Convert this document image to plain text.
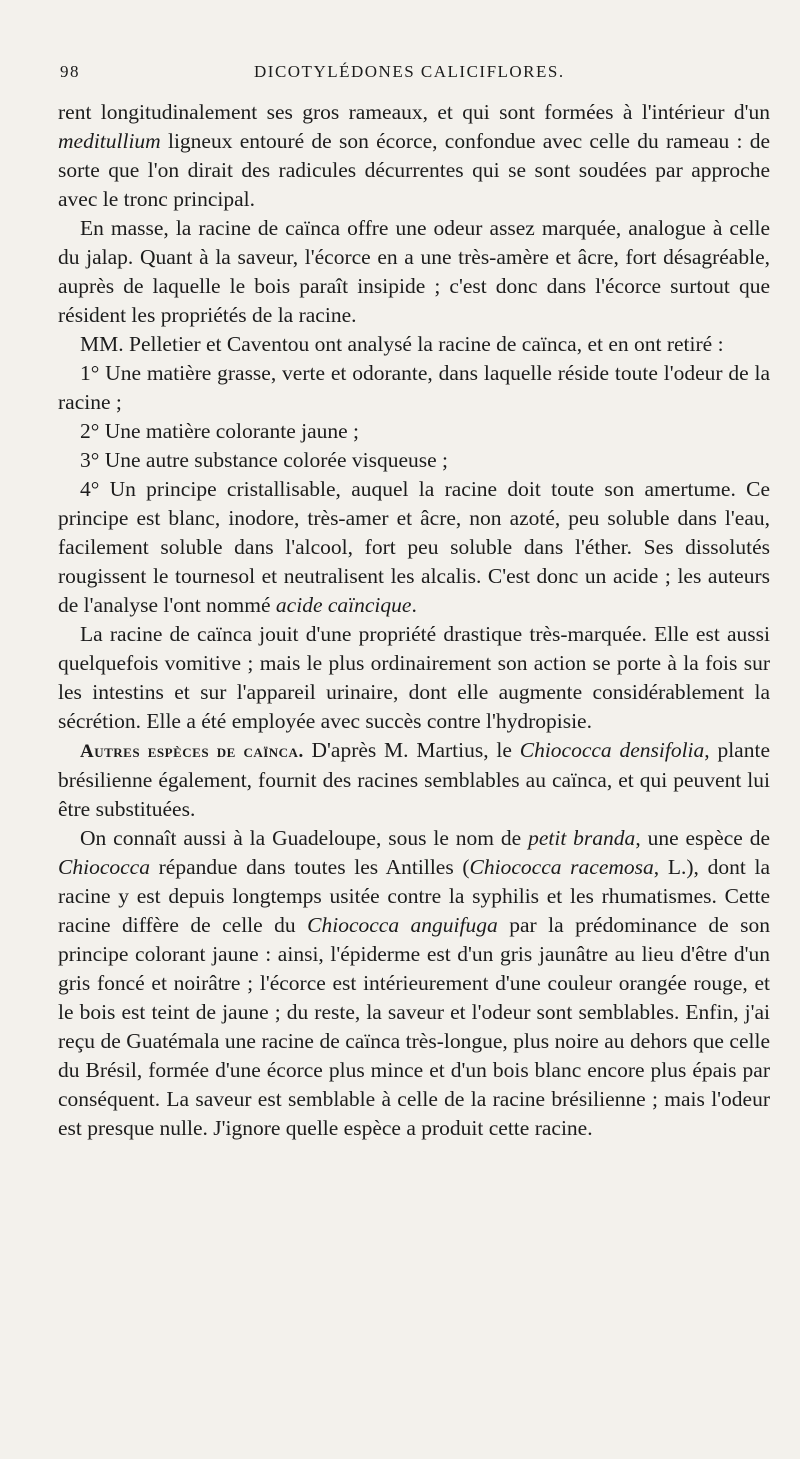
98	DICOTYLÉDONES CALICIFLORES.

rent longitudinalement ses gros rameaux, et qui sont formées à l'intérieur d'un meditullium ligneux entouré de son écorce, confondue avec celle du rameau : de sorte que l'on dirait des radicules décurrentes qui se sont soudées par approche avec le tronc principal.

En masse, la racine de caïnca offre une odeur assez marquée, analogue à celle du jalap. Quant à la saveur, l'écorce en a une très-amère et âcre, fort désagréable, auprès de laquelle le bois paraît insipide ; c'est donc dans l'écorce surtout que résident les propriétés de la racine.

MM. Pelletier et Caventou ont analysé la racine de caïnca, et en ont retiré :

1° Une matière grasse, verte et odorante, dans laquelle réside toute l'odeur de la racine ;

2° Une matière colorante jaune ;

3° Une autre substance colorée visqueuse ;

4° Un principe cristallisable, auquel la racine doit toute son amertume. Ce principe est blanc, inodore, très-amer et âcre, non azoté, peu soluble dans l'eau, facilement soluble dans l'alcool, fort peu soluble dans l'éther. Ses dissolutés rougissent le tournesol et neutralisent les alcalis. C'est donc un acide ; les auteurs de l'analyse l'ont nommé acide caïncique.

La racine de caïnca jouit d'une propriété drastique très-marquée. Elle est aussi quelquefois vomitive ; mais le plus ordinairement son action se porte à la fois sur les intestins et sur l'appareil urinaire, dont elle augmente considérablement la sécrétion. Elle a été employée avec succès contre l'hydropisie.

Autres espèces de caïnca. D'après M. Martius, le Chiococca densifolia, plante brésilienne également, fournit des racines semblables au caïnca, et qui peuvent lui être substituées.

On connaît aussi à la Guadeloupe, sous le nom de petit branda, une espèce de Chiococca répandue dans toutes les Antilles (Chiococca racemosa, L.), dont la racine y est depuis longtemps usitée contre la syphilis et les rhumatismes. Cette racine diffère de celle du Chiococca anguifuga par la prédominance de son principe colorant jaune : ainsi, l'épiderme est d'un gris jaunâtre au lieu d'être d'un gris foncé et noirâtre ; l'écorce est intérieurement d'une couleur orangée rouge, et le bois est teint de jaune ; du reste, la saveur et l'odeur sont semblables. Enfin, j'ai reçu de Guatémala une racine de caïnca très-longue, plus noire au dehors que celle du Brésil, formée d'une écorce plus mince et d'un bois blanc encore plus épais par conséquent. La saveur est semblable à celle de la racine brésilienne ; mais l'odeur est presque nulle. J'ignore quelle espèce a produit cette racine.
